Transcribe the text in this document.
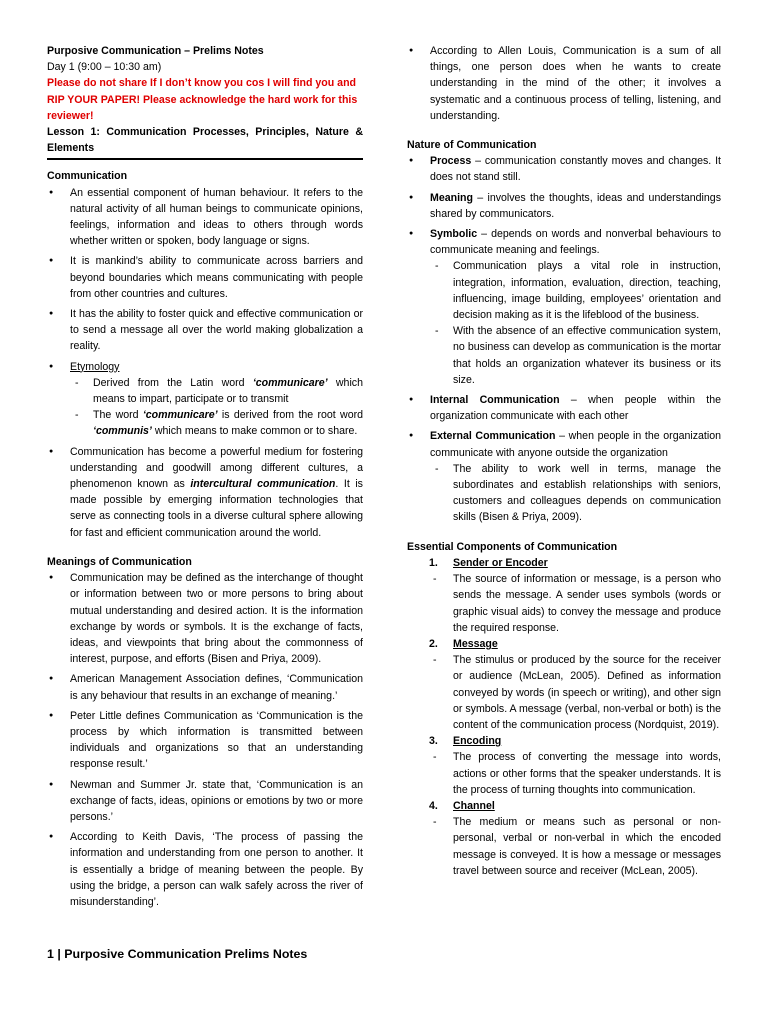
Purposive Communication – Prelims Notes

Day 1 (9:00 – 10:30 am)

Please do not share If I don’t know you cos I will find you and RIP YOUR PAPER! Please acknowledge the hard work for this reviewer!

Lesson 1: Communication Processes, Principles, Nature & Elements

Communication

● An essential component of human behaviour. It refers to the natural activity of all human beings to communicate opinions, feelings, information and ideas to others through words whether written or spoken, body language or signs.
● It is mankind’s ability to communicate across barriers and beyond boundaries which means communicating with people from other countries and cultures.
● It has the ability to foster quick and effective communication or to send a message all over the world making globalization a reality.
● Etymology
- Derived from the Latin word ‘communicare’ which means to impart, participate or to transmit
- The word ‘communicare’ is derived from the root word ‘communis’ which means to make common or to share.
● Communication has become a powerful medium for fostering understanding and goodwill among different cultures, a phenomenon known as intercultural communication. It is made possible by emerging information technologies that serve as connecting tools in a diverse cultural sphere allowing for fast and efficient communication around the world.

Meanings of Communication

● Communication may be defined as the interchange of thought or information between two or more persons to bring about mutual understanding and desired action. It is the information exchange by words or symbols. It is the exchange of facts, ideas, and viewpoints that bring about the commonness of interest, purpose, and efforts (Bisen and Priya, 2009).
● American Management Association defines, ‘Communication is any behaviour that results in an exchange of meaning.’
● Peter Little defines Communication as ‘Communication is the process by which information is transmitted between individuals and organizations so that an understanding response result.’
● Newman and Summer Jr. state that, ‘Communication is an exchange of facts, ideas, opinions or emotions by two or more persons.’
● According to Keith Davis, ‘The process of passing the information and understanding from one person to another. It is essentially a bridge of meaning between the people. By using the bridge, a person can walk safely across the river of misunderstanding’.
● According to Allen Louis, Communication is a sum of all things, one person does when he wants to create understanding in the mind of the other; it involves a systematic and a continuous process of telling, listening, and understanding.

Nature of Communication

● Process – communication constantly moves and changes. It does not stand still.
● Meaning – involves the thoughts, ideas and understandings shared by communicators.
● Symbolic – depends on words and nonverbal behaviours to communicate meaning and feelings.
- Communication plays a vital role in instruction, integration, information, evaluation, direction, teaching, influencing, image building, employees’ orientation and decision making as it is the lifeblood of the business.
- With the absence of an effective communication system, no business can develop as communication is the mortar that holds an organization whatever its business or its size.
● Internal Communication – when people within the organization communicate with each other
● External Communication – when people in the organization communicate with anyone outside the organization
- The ability to work well in terms, manage the subordinates and establish relationships with seniors, customers and colleagues depends on communication skills (Bisen & Priya, 2009).

Essential Components of Communication

1. Sender or Encoder
- The source of information or message, is a person who sends the message. A sender uses symbols (words or graphic visual aids) to convey the message and produce the required response.
2. Message
- The stimulus or produced by the source for the receiver or audience (McLean, 2005). Defined as information conveyed by words (in speech or writing), and other sign or symbols. A message (verbal, non-verbal or both) is the content of the communication process (Nordquist, 2019).
3. Encoding
- The process of converting the message into words, actions or other forms that the speaker understands. It is the process of turning thoughts into communication.
4. Channel
- The medium or means such as personal or non-personal, verbal or non-verbal in which the encoded message is conveyed. It is how a message or messages travel between source and receiver (McLean, 2005).
1 | Purposive Communication Prelims Notes
